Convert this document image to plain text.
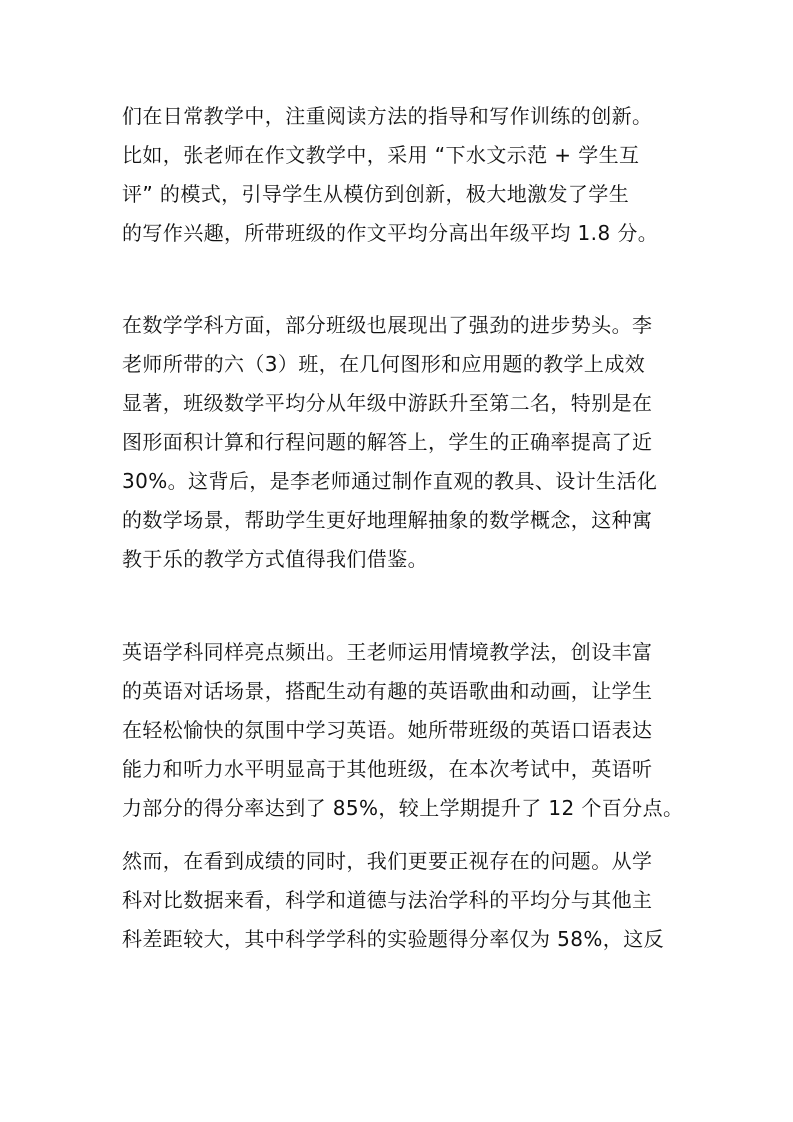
们在日常教学中，注重阅读方法的指导和写作训练的创新。
比如，张老师在作文教学中，采用 “下水文示范 + 学生互
评” 的模式，引导学生从模仿到创新，极大地激发了学生
的写作兴趣，所带班级的作文平均分高出年级平均 1.8 分。
在数学学科方面，部分班级也展现出了强劲的进步势头。李
老师所带的六（3）班，在几何图形和应用题的教学上成效
显著，班级数学平均分从年级中游跃升至第二名，特别是在
图形面积计算和行程问题的解答上，学生的正确率提高了近
30%。这背后，是李老师通过制作直观的教具、设计生活化
的数学场景，帮助学生更好地理解抽象的数学概念，这种寓
教于乐的教学方式值得我们借鉴。
英语学科同样亮点频出。王老师运用情境教学法，创设丰富
的英语对话场景，搭配生动有趣的英语歌曲和动画，让学生
在轻松愉快的氛围中学习英语。她所带班级的英语口语表达
能力和听力水平明显高于其他班级，在本次考试中，英语听
力部分的得分率达到了 85%，较上学期提升了 12 个百分点。
然而，在看到成绩的同时，我们更要正视存在的问题。从学
科对比数据来看，科学和道德与法治学科的平均分与其他主
科差距较大，其中科学学科的实验题得分率仅为 58%，这反
